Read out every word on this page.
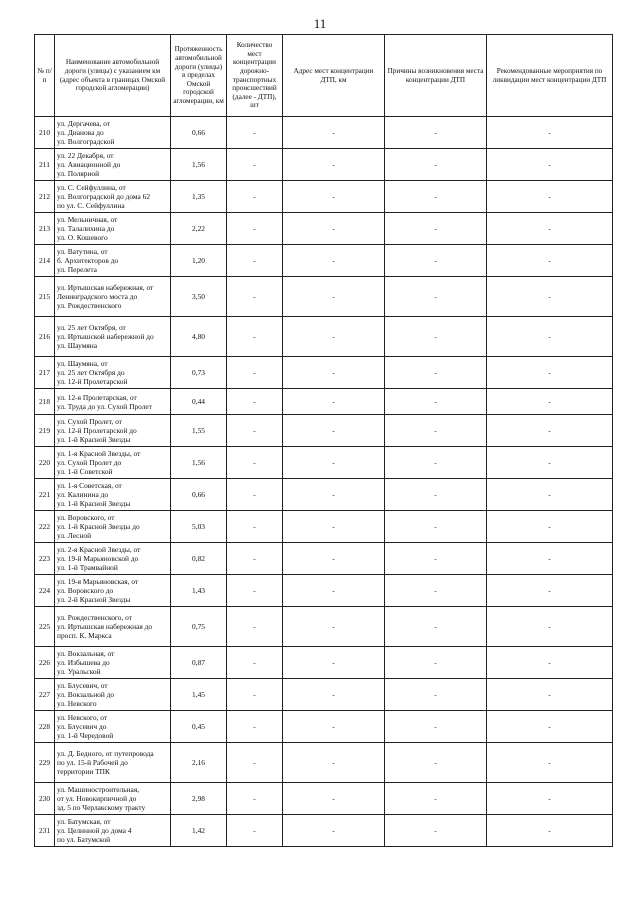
11
№ п/п	Наименование автомобильной дороги (улицы) с указанием км (адрес объекта в границах Омской городской агломерации)	Протяженность автомобильной дороги (улицы) в пределах Омской городской агломерации, км	Количество мест концентрации дорожно-транспортных происшествий (далее - ДТП), шт	Адрес мест концентрации ДТП, км	Причины возникновения места концентрации ДТП	Рекомендованные мероприятия по ликвидации мест концентрации ДТП
210	ул. Дергачева, от
ул. Дианова до
ул. Волгоградской	0,66	-	-	-	-
211	ул. 22 Декабря, от
ул. Авиационной до
ул. Полярной	1,56	-	-	-	-
212	ул. С. Сейфуллина, от
ул. Волгоградской до дома 62
по ул. С. Сейфуллина	1,35	-	-	-	-
213	ул. Мельничная, от
ул. Талалихина до
ул. О. Кошевого	2,22	-	-	-	-
214	ул. Ватутина, от
б. Архитекторов до
ул. Перелета	1,20	-	-	-	-
215	ул. Иртышская набережная, от
Ленинградского моста до
ул. Рождественского	3,50	-	-	-	-
216	ул. 25 лет Октября, от
ул. Иртышской набережной до
ул. Шаумяна	4,80	-	-	-	-
217	ул. Шаумяна, от
ул. 25 лет Октября до
ул. 12-й Пролетарской	0,73	-	-	-	-
218	ул. 12-я Пролетарская, от
ул. Труда до ул. Сухой Пролет	0,44	-	-	-	-
219	ул. Сухой Пролет, от
ул. 12-й Пролетарской до
ул. 1-й Красной Звезды	1,55	-	-	-	-
220	ул. 1-я Красной Звезды, от
ул. Сухой Пролет до
ул. 1-й Советской	1,56	-	-	-	-
221	ул. 1-я Советская, от
ул. Калинина до
ул. 1-й Красной Звезды	0,66	-	-	-	-
222	ул. Воровского, от
ул. 1-й Красной Звезды до
ул. Лесной	5,03	-	-	-	-
223	ул. 2-я Красной Звезды, от
ул. 19-й Марьяновской до
ул. 1-й Трамвайной	0,82	-	-	-	-
224	ул. 19-я Марьяновская, от
ул. Воровского до
ул. 2-й Красной Звезды	1,43	-	-	-	-
225	ул. Рождественского, от
ул. Иртышская набережная до
просп. К. Маркса	0,75	-	-	-	-
226	ул. Вокзальная, от
ул. Избышева до
ул. Уральской	0,87	-	-	-	-
227	ул. Блусевич, от
ул. Вокзальной до
ул. Невского	1,45	-	-	-	-
228	ул. Невского, от
ул. Блусевич до
ул. 1-й Чередовой	0,45	-	-	-	-
229	ул. Д. Бедного, от путепровода
по ул. 15-й Рабочей до
территории ТПК	2,16	-	-	-	-
230	ул. Машиностроительная,
от ул. Новокирпичной до
зд. 5 по Черлакскому тракту	2,98	-	-	-	-
231	ул. Батумская, от
ул. Целинной до дома 4
по ул. Батумской	1,42	-	-	-	-
